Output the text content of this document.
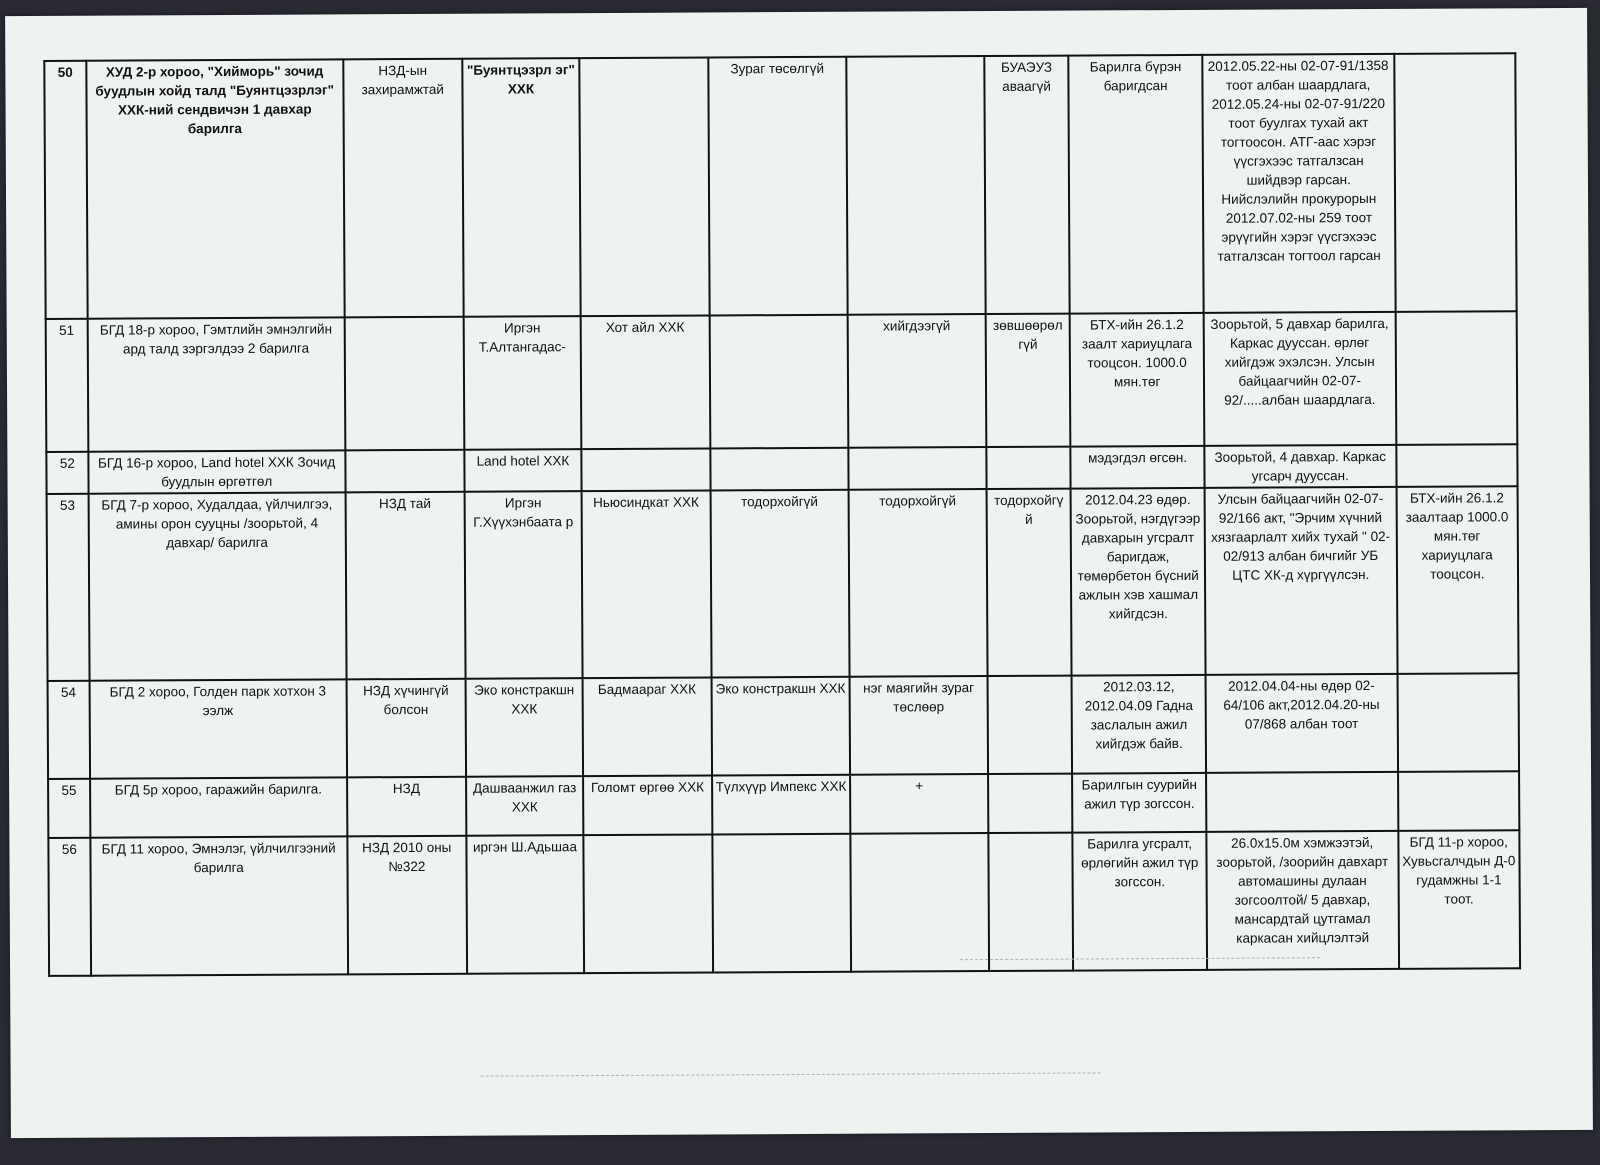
50	ХУД 2-р хороо, "Хийморь" зочид буудлын хойд талд "Буянтцэзрлэг" ХХК-ний сендвичэн 1 давхар барилга	НЗД-ын захирамжтай	"Буянтцэзрл эг" ХХК		Зураг төсөлгүй		БУАЭУЗ аваагүй	Барилга бүрэн баригдсан	2012.05.22-ны 02-07-91/1358 тоот албан шаардлага, 2012.05.24-ны 02-07-91/220 тоот буулгах тухай акт тогтоосон. АТГ-аас хэрэг үүсгэхээс татгалзсан шийдвэр гарсан. Нийслэлийн прокурорын 2012.07.02-ны 259 тоот эрүүгийн хэрэг үүсгэхээс татгалзсан тогтоол гарсан	
51	БГД 18-р хороо, Гэмтлийн эмнэлгийн ард талд зэргэлдээ 2 барилга		Иргэн Т.Алтангадас-	Хот айл ХХК		хийгдээгүй	зөвшөөрөл гүй	БТХ-ийн 26.1.2 заалт хариуцлага тооцсон. 1000.0 мян.төг	Зоорьтой, 5 давхар барилга, Каркас дууссан. өрлөг хийгдэж эхэлсэн. Улсын байцаагчийн 02-07-92/.....албан шаардлага.	
52	БГД 16-р хороо, Land hotel ХХК Зочид буудлын өргөтгөл		Land hotel ХХК					мэдэгдэл өгсөн.	Зоорьтой, 4 давхар. Каркас угсарч дууссан.	
53	БГД 7-р хороо, Худалдаа, үйлчилгээ, амины орон сууцны /зоорьтой, 4 давхар/ барилга	НЗД тай	Иргэн Г.Хүүхэнбаата р	Ньюсиндкат ХХК	тодорхойгүй	тодорхойгүй	тодорхойгү й	2012.04.23 өдөр. Зоорьтой, нэгдүгээр давхарын угсралт баригдаж, төмөрбетон бүсний ажлын хэв хашмал хийгдсэн.	Улсын байцаагчийн 02-07-92/166 акт, "Эрчим хүчний хязгаарлалт хийх тухай " 02-02/913 албан бичгийг УБ ЦТС ХК-д хүргүүлсэн.	БТХ-ийн 26.1.2 заалтаар 1000.0 мян.төг хариуцлага тооцсон.
54	БГД 2 хороо, Голден парк хотхон 3 ээлж	НЗД хүчингүй болсон	Эко констракшн ХХК	Бадмаараг ХХК	Эко констракшн ХХК	нэг маягийн зураг төслөөр		2012.03.12, 2012.04.09 Гадна заслалын ажил хийгдэж байв.	2012.04.04-ны өдөр 02-64/106 акт,2012.04.20-ны 07/868 албан тоот	
55	БГД 5р хороо, гаражийн барилга.	НЗД	Дашваанжил газ ХХК	Голомт өргөө ХХК	Түлхүүр Импекс ХХК	+		Барилгын суурийн ажил түр зогссон.		
56	БГД 11 хороо, Эмнэлэг, үйлчилгээний барилга	НЗД 2010 оны №322	иргэн Ш.Адьшаа					Барилга угсралт, өрлөгийн ажил түр зогссон.	26.0х15.0м хэмжээтэй, зоорьтой, /зоорийн давхарт автомашины дулаан зогсоолтой/ 5 давхар, мансардтай цутгамал каркасан хийцлэлтэй	БГД 11-р хороо, Хувьсгалчдын Д-0 гудамжны 1-1 тоот.
